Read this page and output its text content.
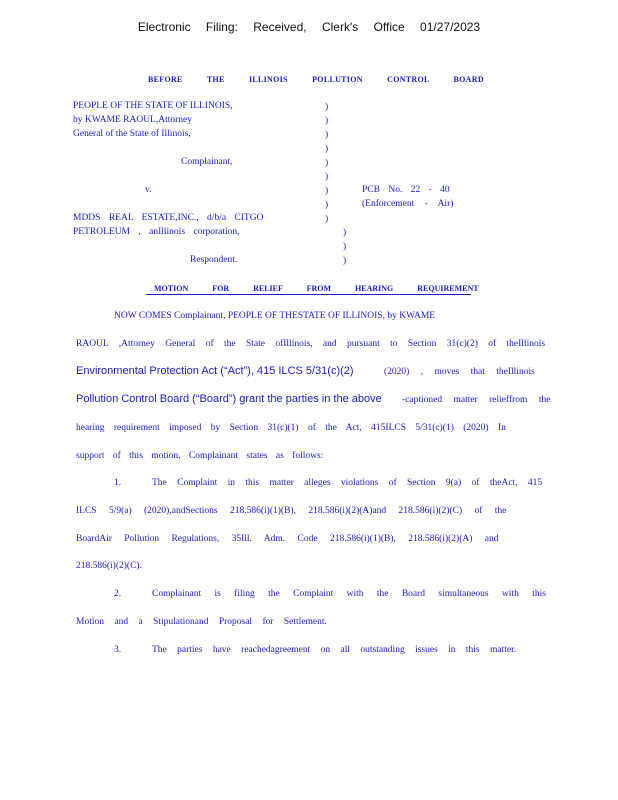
Electronic Filing: Received, Clerk's Office 01/27/2023
BEFORE THE ILLINOIS POLLUTION CONTROL BOARD
PEOPLE OF THE STATE OF ILLINOIS,
by KWAME RAOUL,Attorney
General of the State of Illinois,
Complainant,
v.	PCB No. 22 - 40
(Enforcement - Air)
MDDS REAL ESTATE,INC., d/b/a CITGO
PETROLEUM , anIllinois corporation,
Respondent.
)
)
)
)
)
)
)
)
)
)
)
)
MOTION FOR RELIEF FROM HEARING REQUIREMENT
NOW COMES Complainant, PEOPLE OF THESTATE OF ILLINOIS, by KWAME
RAOUL ,Attorney General of the State ofIllinois, and pursuant to Section 31(c)(2) of theIllinois
Environmental Protection Act (“Act”), 415 ILCS 5/31(c)(2)	(2020) , moves that theIllinois
Pollution Control Board (“Board”) grant the parties in the above -captioned matter relieffrom the
hearing requirement imposed by Section 31(c)(1) of the Act, 415ILCS 5/31(c)(1) (2020) In
support of this motion, Complainant states as follows:
1.	The Complaint in this matter alleges violations of Section 9(a) of theAct, 415
ILCS 5/9(a) (2020),andSections 218.586(i)(1)(B), 218.586(i)(2)(A)and 218.586(i)(2)(C) of the
BoardAir Pollution Regulations, 35Ill. Adm. Code 218.586(i)(1)(B), 218.586(i)(2)(A) and
218.586(i)(2)(C).
2.	Complainant is filing the Complaint with the Board simultaneous with this
Motion and a Stipulationand Proposal for Settlement.
3.	The parties have reachedagreement on all outstanding issues in this matter.
